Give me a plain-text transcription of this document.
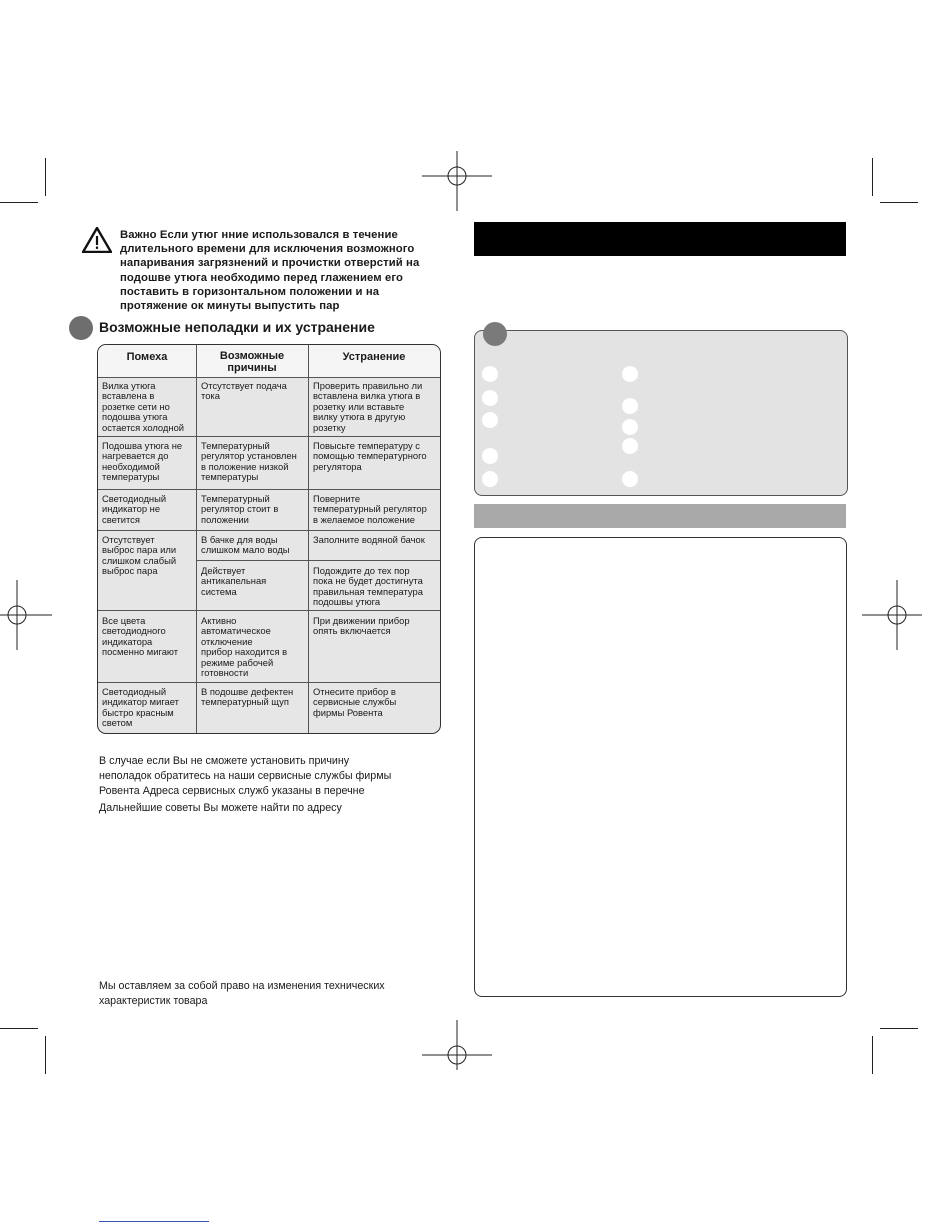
Важно Если утюг нние использовался в течение
длительного времени для исключения возможного
напаривания загрязнений и прочистки отверстий на
подошве утюга необходимо перед глажением его
поставить в горизонтальном положении и на
протяжение ок минуты выпустить пар
Возможные неполадки и их устранение
Помеха	Возможные причины
Устранение
Вилка утюга
вставлена в
розетке сети но
подошва утюга
остается холодной
Отсутствует подача
тока
Проверить правильно ли
вставлена вилка утюга в
розетку или вставьте
вилку утюга в другую
розетку
Подошва утюга не
нагревается до
необходимой
температуры
Температурный
регулятор установлен
в положение низкой
температуры
Повысьте температуру с
помощью температурного
регулятора
Светодиодный
индикатор не
светится
Температурный
регулятор стоит в
положении
Поверните
температурный регулятор
в желаемое положение
Отсутствует
выброс пара или
слишком слабый
выброс пара
В бачке для воды
слишком мало воды
Заполните водяной бачок
Действует
антикапельная
система
Подождите до тех пор
пока не будет достигнута
правильная температура
подошвы утюга
Все цвета
светодиодного
индикатора
посменно мигают
Активно
автоматическое
отключение
прибор находится в
режиме рабочей
готовности
При движении прибор
опять включается
Светодиодный
индикатор мигает
быстро красным
светом
В подошве дефектен
температурный щуп
Отнесите прибор в
сервисные службы
фирмы Ровента
В случае если Вы не сможете установить причину
неполадок обратитесь на наши сервисные службы фирмы
Ровента Адреса сервисных служб указаны в перечне
Дальнейшие советы Вы можете найти по адресу
Мы оставляем за собой право на изменения технических
характеристик товара
